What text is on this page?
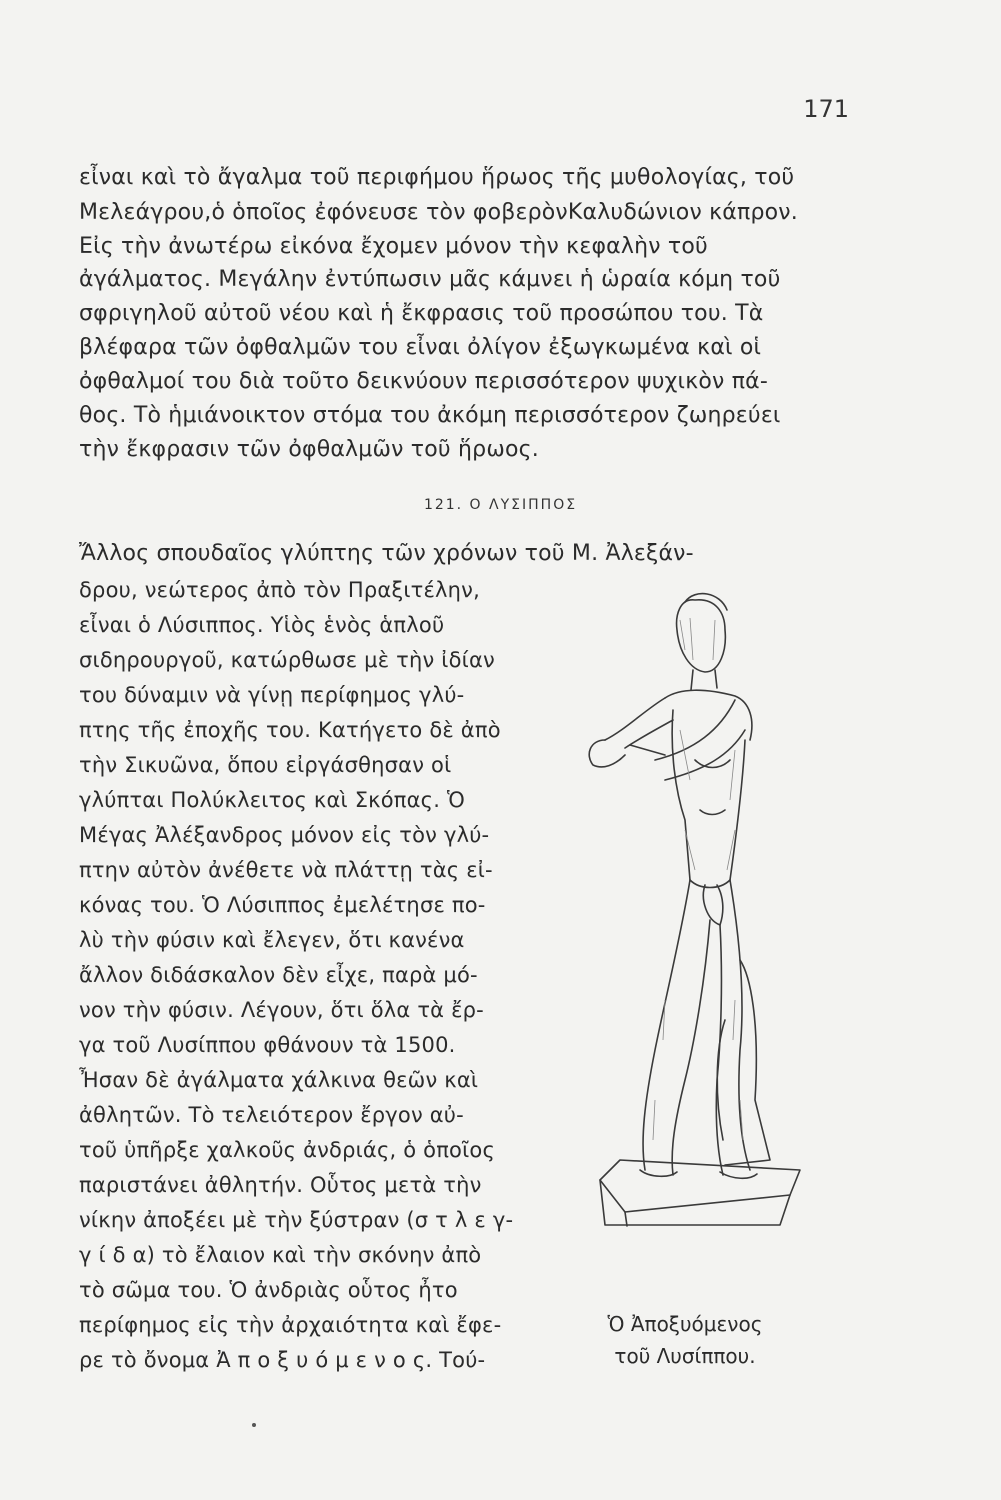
171
εἶναι καὶ τὸ ἄγαλμα τοῦ περιφήμου ἥρωος τῆς μυθολογίας, τοῦ
Μελεάγρου,ὁ ὁποῖος ἐφόνευσε τὸν φοβερὸνΚαλυδώνιον κάπρον.
Εἰς τὴν ἀνωτέρω εἰκόνα ἔχομεν μόνον τὴν κεφαλὴν τοῦ
ἀγάλματος. Μεγάλην ἐντύπωσιν μᾶς κάμνει ἡ ὡραία κόμη τοῦ
σφριγηλοῦ αὐτοῦ νέου καὶ ἡ ἔκφρασις τοῦ προσώπου του. Τὰ
βλέφαρα τῶν ὀφθαλμῶν του εἶναι ὀλίγον ἐξωγκωμένα καὶ οἱ
ὀφθαλμοί του διὰ τοῦτο δεικνύουν περισσότερον ψυχικὸν πά-
θος. Τὸ ἡμιάνοικτον στόμα του ἀκόμη περισσότερον ζωηρεύει
τὴν ἔκφρασιν τῶν ὀφθαλμῶν τοῦ ἥρωος.
121. Ο ΛΥΣΙΠΠΟΣ
Ἄλλος σπουδαῖος γλύπτης τῶν χρόνων τοῦ Μ. Ἀλεξάν-
δρου, νεώτερος ἀπὸ τὸν Πραξιτέλην,
εἶναι ὁ Λύσιππος. Υἱὸς ἑνὸς ἁπλοῦ
σιδηρουργοῦ, κατώρθωσε μὲ τὴν ἰδίαν
του δύναμιν νὰ γίνῃ περίφημος γλύ-
πτης τῆς ἐποχῆς του. Κατήγετο δὲ ἀπὸ
τὴν Σικυῶνα, ὅπου εἰργάσθησαν οἱ
γλύπται Πολύκλειτος καὶ Σκόπας. Ὁ
Μέγας Ἀλέξανδρος μόνον εἰς τὸν γλύ-
πτην αὐτὸν ἀνέθετε νὰ πλάττῃ τὰς εἰ-
κόνας του. Ὁ Λύσιππος ἐμελέτησε πο-
λὺ τὴν φύσιν καὶ ἔλεγεν, ὅτι κανένα
ἄλλον διδάσκαλον δὲν εἶχε, παρὰ μό-
νον τὴν φύσιν. Λέγουν, ὅτι ὅλα τὰ ἔρ-
γα τοῦ Λυσίππου φθάνουν τὰ 1500.
Ἦσαν δὲ ἀγάλματα χάλκινα θεῶν καὶ
ἀθλητῶν. Τὸ τελειότερον ἔργον αὐ-
τοῦ ὑπῆρξε χαλκοῦς ἀνδριάς, ὁ ὁποῖος
παριστάνει ἀθλητήν. Οὗτος μετὰ τὴν
νίκην ἀποξέει μὲ τὴν ξύστραν (σ τ λ ε γ-
γ ί δ α) τὸ ἔλαιον καὶ τὴν σκόνην ἀπὸ
τὸ σῶμα του. Ὁ ἀνδριὰς οὗτος ἦτο
περίφημος εἰς τὴν ἀρχαιότητα καὶ ἔφε-
ρε τὸ ὄνομα Ἀ π ο ξ υ ό μ ε ν ο ς. Τού-
Ὁ Ἀποξυόμενος
τοῦ Λυσίππου.
